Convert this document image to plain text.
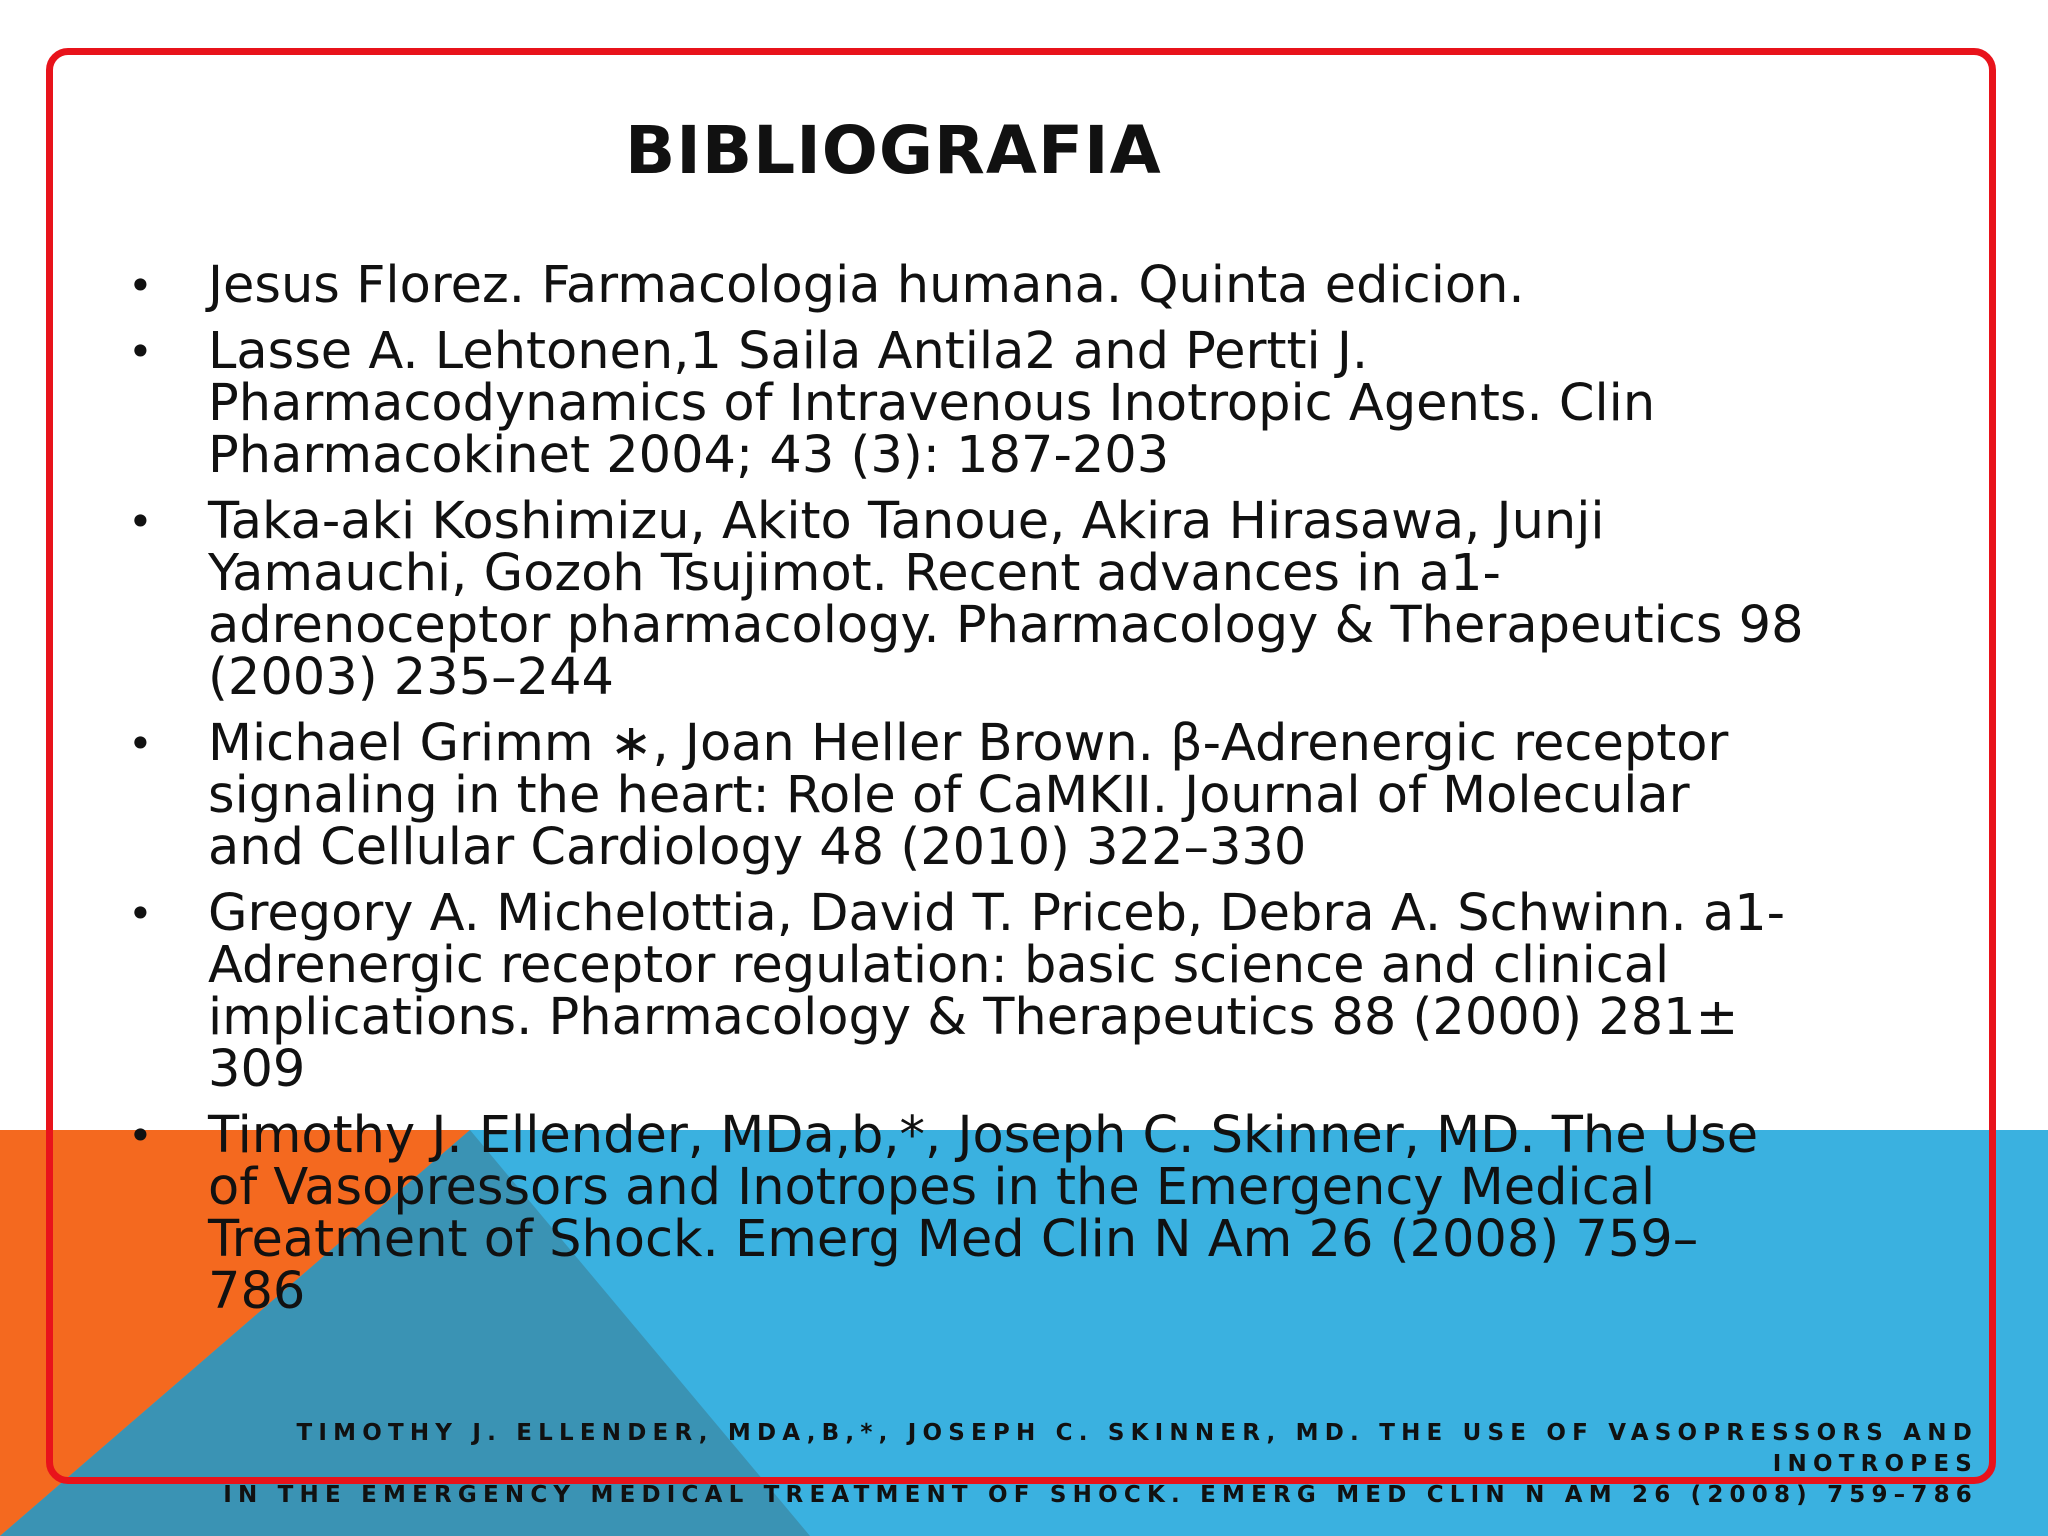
BIBLIOGRAFIA
• Jesus Florez. Farmacologia humana. Quinta edicion.
• Lasse A. Lehtonen,1 Saila Antila2 and Pertti J.
Pharmacodynamics of Intravenous Inotropic Agents. Clin
Pharmacokinet 2004; 43 (3): 187-203
• Taka-aki Koshimizu, Akito Tanoue, Akira Hirasawa, Junji
Yamauchi, Gozoh Tsujimot. Recent advances in a1-
adrenoceptor pharmacology. Pharmacology & Therapeutics 98
(2003) 235–244
• Michael Grimm ∗, Joan Heller Brown. β-Adrenergic receptor
signaling in the heart: Role of CaMKII. Journal of Molecular
and Cellular Cardiology 48 (2010) 322–330
• Gregory A. Michelottia, David T. Priceb, Debra A. Schwinn. a1-
Adrenergic receptor regulation: basic science and clinical
implications. Pharmacology & Therapeutics 88 (2000) 281±
309
• Timothy J. Ellender, MDa,b,*, Joseph C. Skinner, MD. The Use
of Vasopressors and Inotropes in the Emergency Medical
Treatment of Shock. Emerg Med Clin N Am 26 (2008) 759–
786
TIMOTHY J. ELLENDER, MDA,B,*, JOSEPH C. SKINNER, MD. THE USE OF VASOPRESSORS AND INOTROPES
IN THE EMERGENCY MEDICAL TREATMENT OF SHOCK. EMERG MED CLIN N AM 26 (2008) 759–786
